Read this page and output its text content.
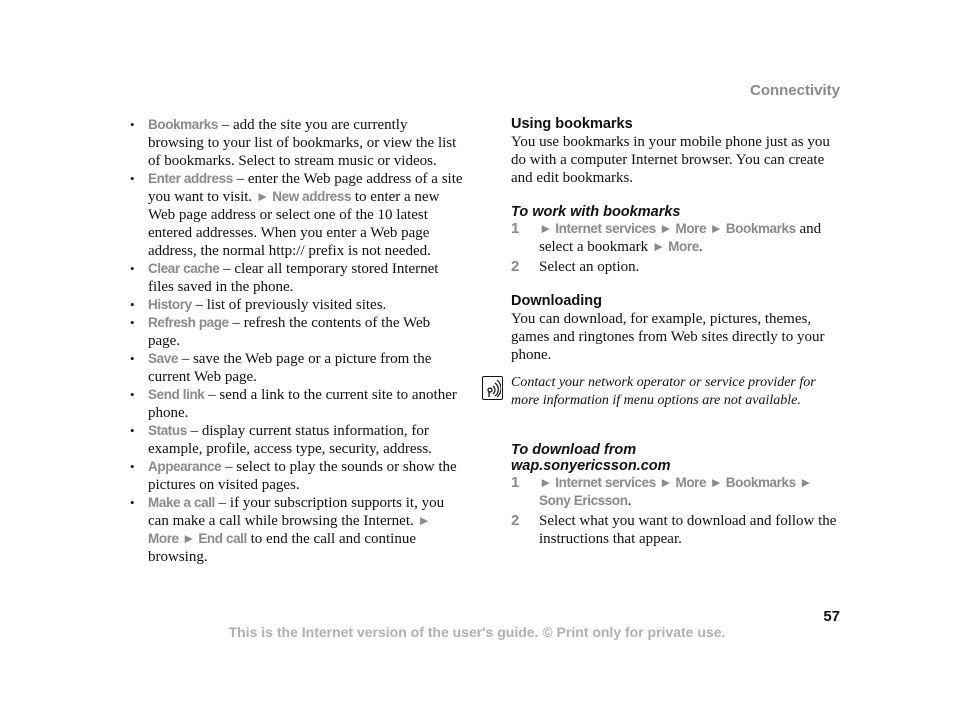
Connectivity
• Bookmarks – add the site you are currently browsing to your list of bookmarks, or view the list of bookmarks. Select to stream music or videos.
• Enter address – enter the Web page address of a site you want to visit. ► New address to enter a new Web page address or select one of the 10 latest entered addresses. When you enter a Web page address, the normal http:// prefix is not needed.
• Clear cache – clear all temporary stored Internet files saved in the phone.
• History – list of previously visited sites.
• Refresh page – refresh the contents of the Web page.
• Save – save the Web page or a picture from the current Web page.
• Send link – send a link to the current site to another phone.
• Status – display current status information, for example, profile, access type, security, address.
• Appearance – select to play the sounds or show the pictures on visited pages.
• Make a call – if your subscription supports it, you can make a call while browsing the Internet. ► More ► End call to end the call and continue browsing.
Using bookmarks

You use bookmarks in your mobile phone just as you do with a computer Internet browser. You can create and edit bookmarks.

To work with bookmarks
1 ► Internet services ► More ► Bookmarks and select a bookmark ► More.
2 Select an option.
Downloading

You can download, for example, pictures, themes, games and ringtones from Web sites directly to your phone.

Contact your network operator or service provider for more information if menu options are not available.
To download from wap.sonyericsson.com
1 ► Internet services ► More ► Bookmarks ► Sony Ericsson.
2 Select what you want to download and follow the instructions that appear.
57
This is the Internet version of the user's guide. © Print only for private use.
